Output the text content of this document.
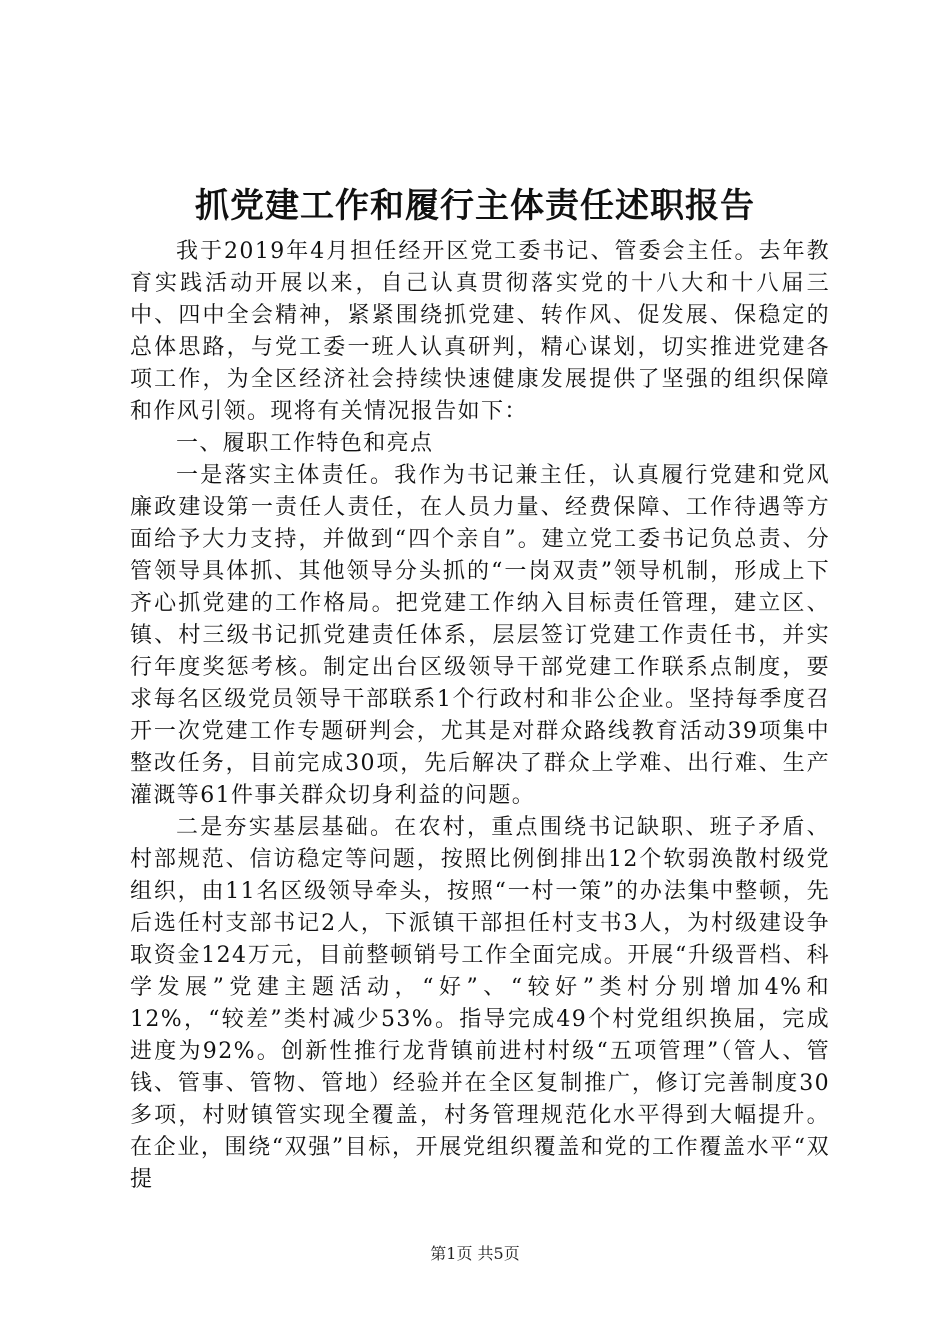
抓党建工作和履行主体责任述职报告

我于2019年4月担任经开区党工委书记、管委会主任。去年教育实践活动开展以来，自己认真贯彻落实党的十八大和十八届三中、四中全会精神，紧紧围绕抓党建、转作风、促发展、保稳定的总体思路，与党工委一班人认真研判，精心谋划，切实推进党建各项工作，为全区经济社会持续快速健康发展提供了坚强的组织保障和作风引领。现将有关情况报告如下：

一、履职工作特色和亮点

一是落实主体责任。我作为书记兼主任，认真履行党建和党风廉政建设第一责任人责任，在人员力量、经费保障、工作待遇等方面给予大力支持，并做到“四个亲自”。建立党工委书记负总责、分管领导具体抓、其他领导分头抓的“一岗双责”领导机制，形成上下齐心抓党建的工作格局。把党建工作纳入目标责任管理，建立区、镇、村三级书记抓党建责任体系，层层签订党建工作责任书，并实行年度奖惩考核。制定出台区级领导干部党建工作联系点制度，要求每名区级党员领导干部联系1个行政村和非公企业。坚持每季度召开一次党建工作专题研判会，尤其是对群众路线教育活动39项集中整改任务，目前完成30项，先后解决了群众上学难、出行难、生产灌溉等61件事关群众切身利益的问题。

二是夯实基层基础。在农村，重点围绕书记缺职、班子矛盾、村部规范、信访稳定等问题，按照比例倒排出12个软弱涣散村级党组织，由11名区级领导牵头，按照“一村一策”的办法集中整顿，先后选任村支部书记2人，下派镇干部担任村支书3人，为村级建设争取资金124万元，目前整顿销号工作全面完成。开展“升级晋档、科学发展”党建主题活动，“好”、“较好”类村分别增加4%和12%，“较差”类村减少53%。指导完成49个村党组织换届，完成进度为92%。创新性推行龙背镇前进村村级“五项管理”（管人、管钱、管事、管物、管地）经验并在全区复制推广，修订完善制度30多项，村财镇管实现全覆盖，村务管理规范化水平得到大幅提升。在企业，围绕“双强”目标，开展党组织覆盖和党的工作覆盖水平“双提

第1页 共5页
